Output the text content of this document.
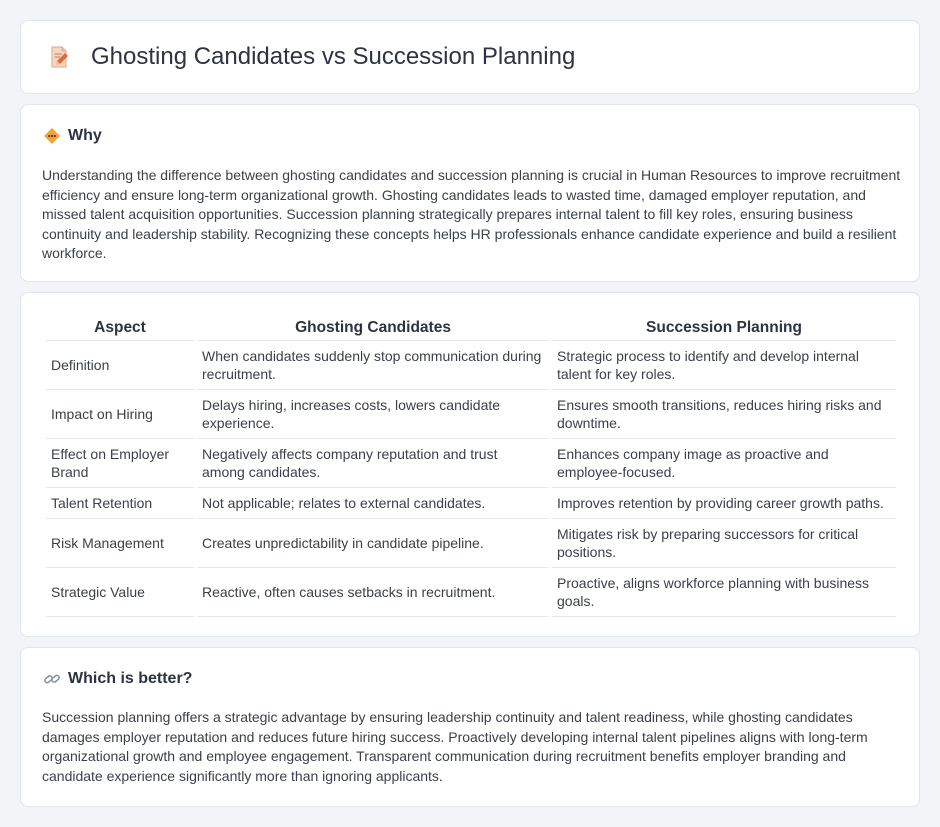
Ghosting Candidates vs Succession Planning
Why

Understanding the difference between ghosting candidates and succession planning is crucial in Human Resources to improve recruitment efficiency and ensure long-term organizational growth. Ghosting candidates leads to wasted time, damaged employer reputation, and missed talent acquisition opportunities. Succession planning strategically prepares internal talent to fill key roles, ensuring business continuity and leadership stability. Recognizing these concepts helps HR professionals enhance candidate experience and build a resilient workforce.

Aspect	Ghosting Candidates	Succession Planning
Definition	When candidates suddenly stop communication during recruitment.	Strategic process to identify and develop internal talent for key roles.
Impact on Hiring	Delays hiring, increases costs, lowers candidate experience.	Ensures smooth transitions, reduces hiring risks and downtime.
Effect on Employer Brand	Negatively affects company reputation and trust among candidates.	Enhances company image as proactive and employee-focused.
Talent Retention	Not applicable; relates to external candidates.	Improves retention by providing career growth paths.
Risk Management	Creates unpredictability in candidate pipeline.	Mitigates risk by preparing successors for critical positions.
Strategic Value	Reactive, often causes setbacks in recruitment.	Proactive, aligns workforce planning with business goals.
Which is better?

Succession planning offers a strategic advantage by ensuring leadership continuity and talent readiness, while ghosting candidates damages employer reputation and reduces future hiring success. Proactively developing internal talent pipelines aligns with long-term organizational growth and employee engagement. Transparent communication during recruitment benefits employer branding and candidate experience significantly more than ignoring applicants.
